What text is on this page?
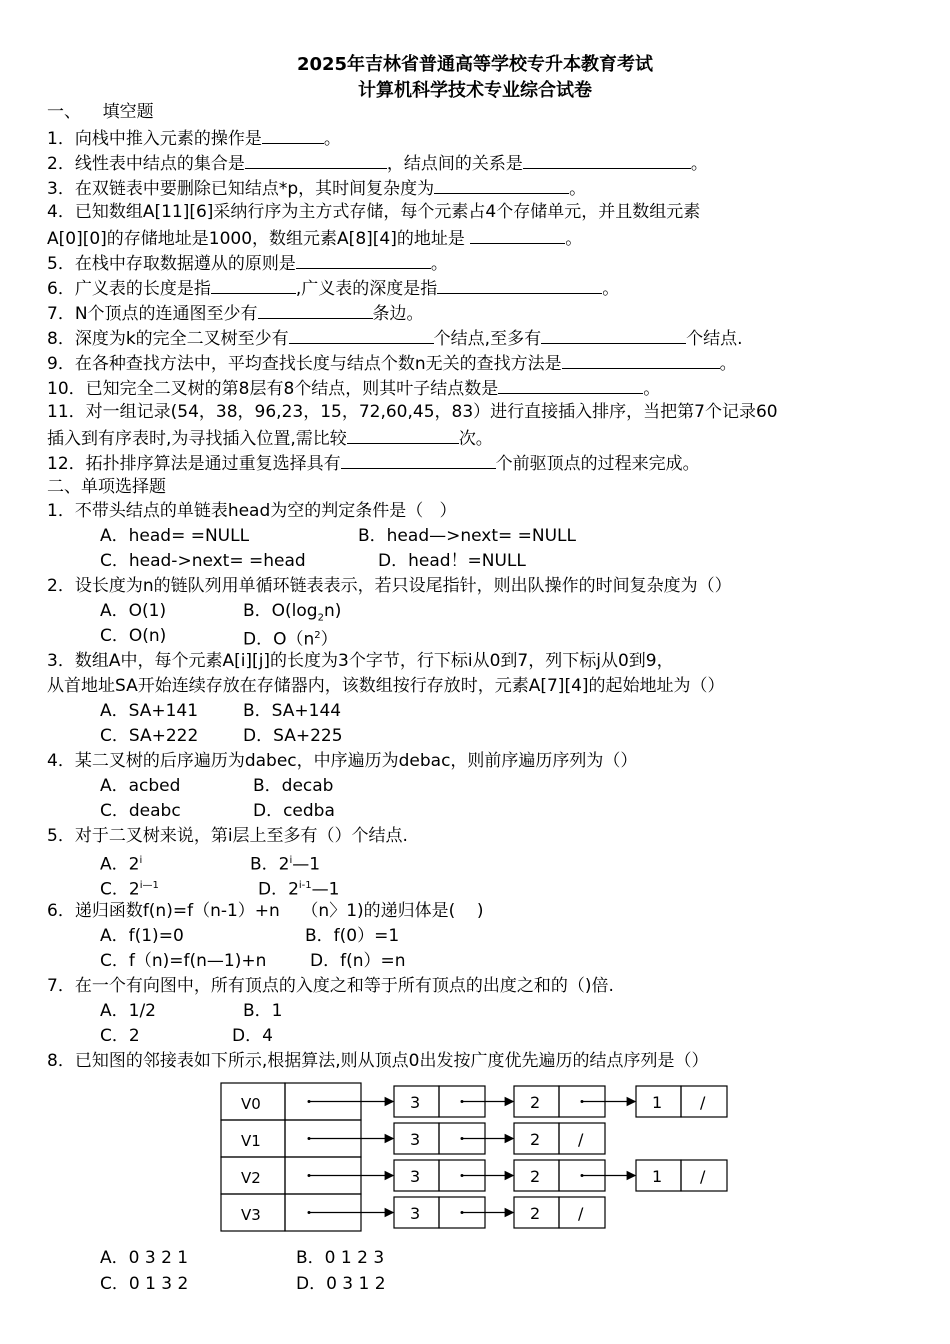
2025年吉林省普通高等学校专升本教育考试
计算机科学技术专业综合试卷
一、    填空题
1．向栈中推入元素的操作是	。
2．线性表中结点的集合是	，结点间的关系是	。
3．在双链表中要删除已知结点*p，其时间复杂度为	。
4．已知数组A[11][6]采纳行序为主方式存储，每个元素占4个存储单元，并且数组元素
A[0][0]的存储地址是1000，数组元素A[8][4]的地址是	。
5．在栈中存取数据遵从的原则是	。
6．广义表的长度是指	,广义表的深度是指	。
7．N个顶点的连通图至少有	条边。
8．深度为k的完全二叉树至少有	个结点,至多有	个结点.
9．在各种查找方法中，平均查找长度与结点个数n无关的查找方法是	。
10．已知完全二叉树的第8层有8个结点，则其叶子结点数是	。
11．对一组记录(54，38，96,23，15，72,60,45，83）进行直接插入排序，当把第7个记录60
插入到有序表时,为寻找插入位置,需比较	次。
12．拓扑排序算法是通过重复选择具有	个前驱顶点的过程来完成。
二、单项选择题
1．不带头结点的单链表head为空的判定条件是（   ）
A．head= =NULL	B．head—>next= =NULL
C．head->next= =head	D．head！=NULL
2．设长度为n的链队列用单循环链表表示，若只设尾指针，则出队操作的时间复杂度为（）
A．O(1)	B．$O(\log_2n)$
C．O(n)	D．$O(n^2)$
3．数组A中，每个元素A[i][j]的长度为3个字节，行下标i从0到7，列下标j从0到9，
从首地址SA开始连续存放在存储器内，该数组按行存放时，元素A[7][4]的起始地址为（）
A．SA+141	B．SA+144
C．SA+222	D．SA+225
4．某二叉树的后序遍历为dabec，中序遍历为debac，则前序遍历序列为（）
A．acbed	B．decab
C．deabc	D．cedba
5．对于二叉树来说，第i层上至多有（）个结点.
A．2$^i$	B．2$^i$—1
C．$2^{i—1}$	D．2$^{i-1}$—1
6．递归函数f(n)=f（n-1）+n    （n〉1)的递归体是(    )
A．f(1)=0	B．f(0）=1
C．f（n)=f(n—1)+n	D．f(n）=n
7．在一个有向图中，所有顶点的入度之和等于所有顶点的出度之和的（)倍.
A．1/2	B．1
C．2	D．4
8．已知图的邻接表如下所示,根据算法,则从顶点0出发按广度优先遍历的结点序列是（）
V0	3	2	1 /
V1	3	2 /
V2	3	2	1 /
V3	3	2 /
A．0 3 2 1	B．0 1 2 3
C．0 1 3 2	D．0 3 1 2
